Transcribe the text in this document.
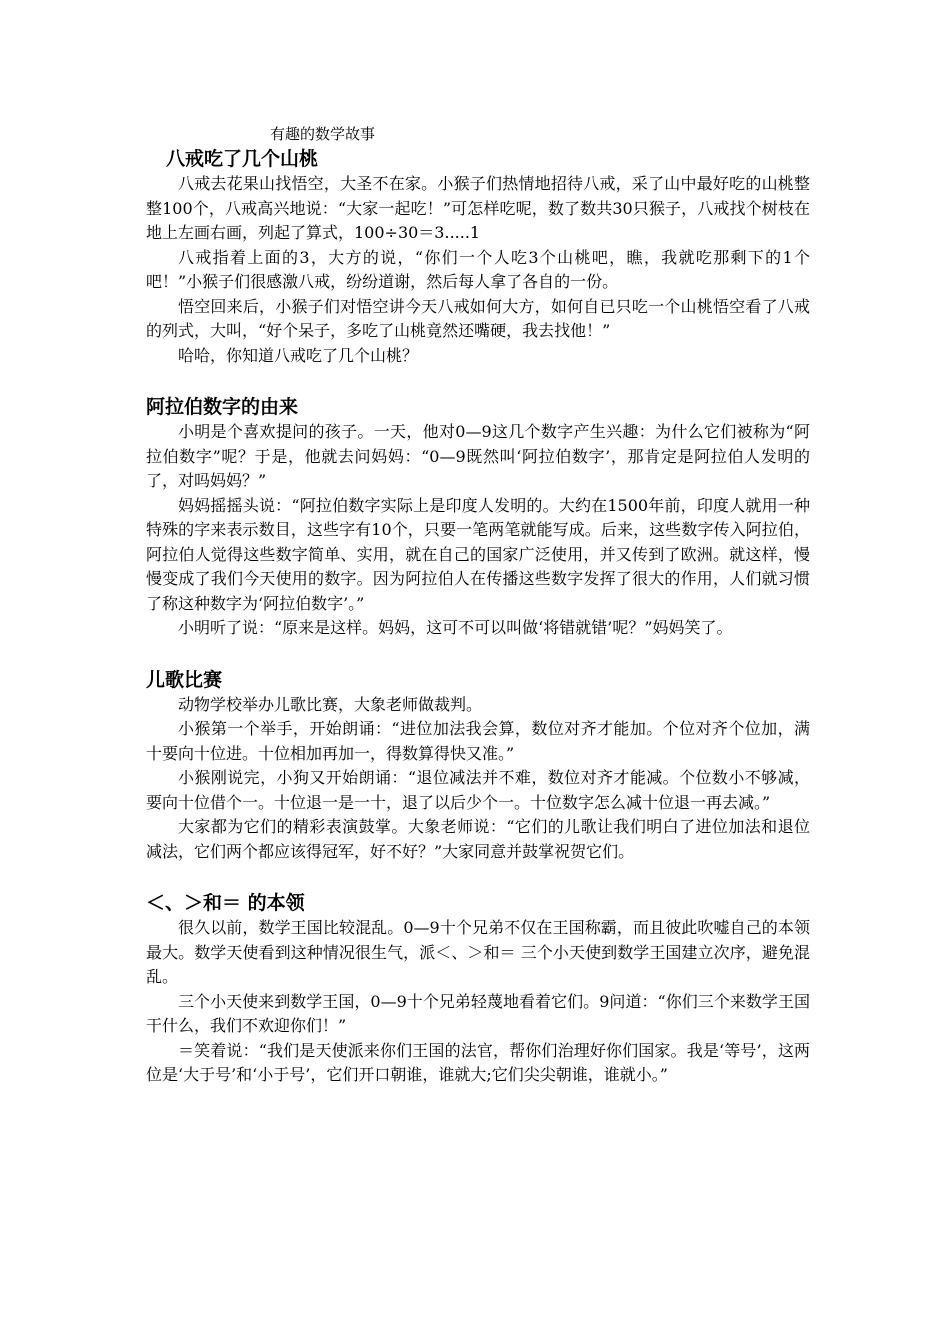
有趣的数学故事
八戒吃了几个山桃

八戒去花果山找悟空，大圣不在家。小猴子们热情地招待八戒，采了山中最好吃的山桃整整100个，八戒高兴地说：“大家一起吃！”可怎样吃呢，数了数共30只猴子，八戒找个树枝在地上左画右画，列起了算式，100÷30＝3.....1

八戒指着上面的3，大方的说，“你们一个人吃3个山桃吧，瞧，我就吃那剩下的1个吧！”小猴子们很感激八戒，纷纷道谢，然后每人拿了各自的一份。

悟空回来后，小猴子们对悟空讲今天八戒如何大方，如何自已只吃一个山桃悟空看了八戒的列式，大叫，“好个呆子，多吃了山桃竟然还嘴硬，我去找他！”

哈哈，你知道八戒吃了几个山桃？

阿拉伯数字的由来

小明是个喜欢提问的孩子。一天，他对0—9这几个数字产生兴趣：为什么它们被称为“阿拉伯数字”呢？于是，他就去问妈妈：“0—9既然叫‘阿拉伯数字’，那肯定是阿拉伯人发明的了，对吗妈妈？”

妈妈摇摇头说：“阿拉伯数字实际上是印度人发明的。大约在1500年前，印度人就用一种特殊的字来表示数目，这些字有10个，只要一笔两笔就能写成。后来，这些数字传入阿拉伯，阿拉伯人觉得这些数字简单、实用，就在自己的国家广泛使用，并又传到了欧洲。就这样，慢慢变成了我们今天使用的数字。因为阿拉伯人在传播这些数字发挥了很大的作用，人们就习惯了称这种数字为‘阿拉伯数字’。”

小明听了说：“原来是这样。妈妈，这可不可以叫做‘将错就错’呢？”妈妈笑了。

儿歌比赛

动物学校举办儿歌比赛，大象老师做裁判。

小猴第一个举手，开始朗诵：“进位加法我会算，数位对齐才能加。个位对齐个位加，满十要向十位进。十位相加再加一，得数算得快又准。”

小猴刚说完，小狗又开始朗诵：“退位减法并不难，数位对齐才能减。个位数小不够减，要向十位借个一。十位退一是一十，退了以后少个一。十位数字怎么减十位退一再去减。”

大家都为它们的精彩表演鼓掌。大象老师说：“它们的儿歌让我们明白了进位加法和退位减法，它们两个都应该得冠军，好不好？”大家同意并鼓掌祝贺它们。

＜、＞和＝ 的本领

很久以前，数学王国比较混乱。0—9十个兄弟不仅在王国称霸，而且彼此吹嘘自己的本领最大。数学天使看到这种情况很生气，派＜、＞和＝ 三个小天使到数学王国建立次序，避免混乱。

三个小天使来到数学王国，0—9十个兄弟轻蔑地看着它们。9问道：“你们三个来数学王国干什么，我们不欢迎你们！”

＝笑着说：“我们是天使派来你们王国的法官，帮你们治理好你们国家。我是‘等号’，这两位是‘大于号’和‘小于号’，它们开口朝谁，谁就大;它们尖尖朝谁，谁就小。”
